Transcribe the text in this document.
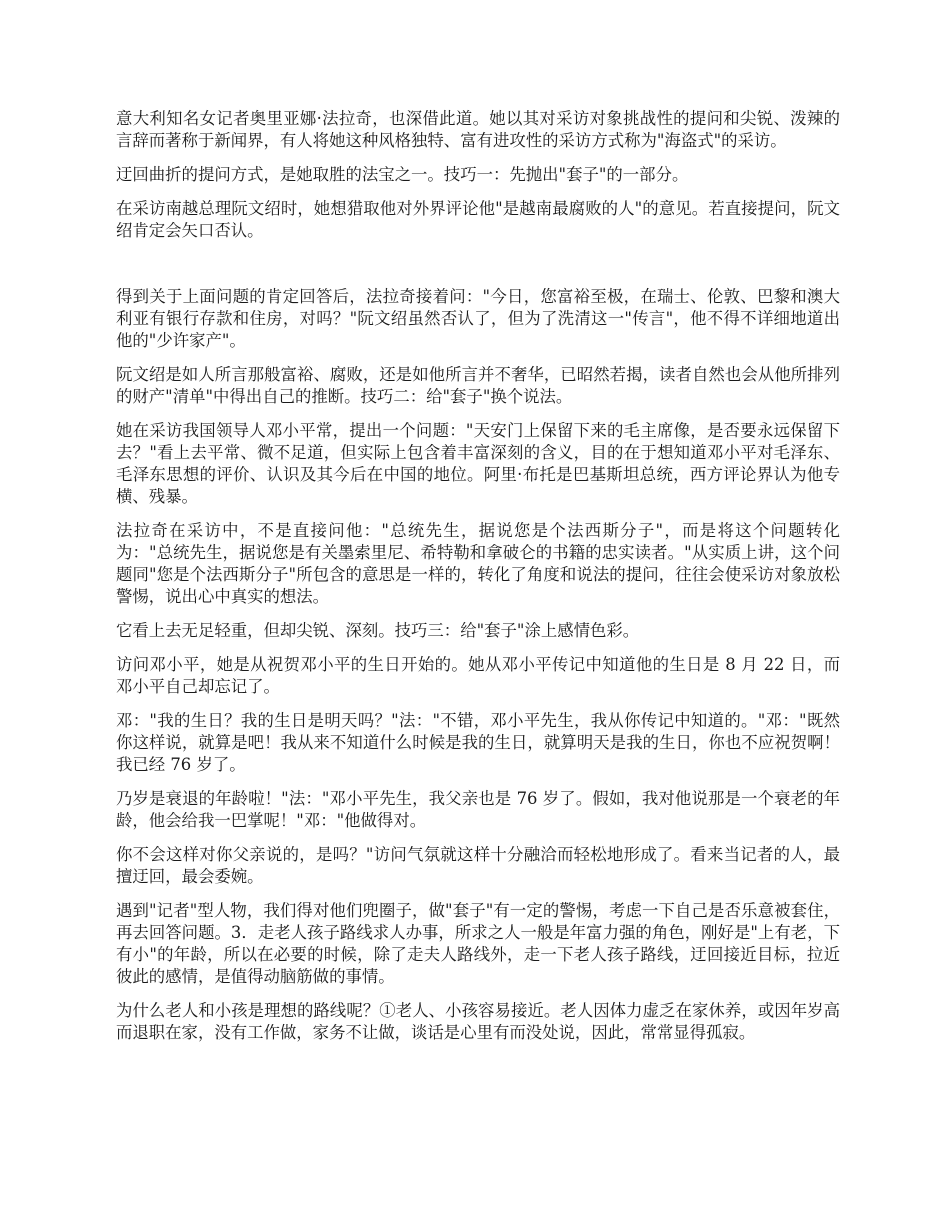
意大利知名女记者奥里亚娜·法拉奇，也深借此道。她以其对采访对象挑战性的提问和尖锐、泼辣的言辞而著称于新闻界，有人将她这种风格独特、富有进攻性的采访方式称为"海盗式"的采访。

迂回曲折的提问方式，是她取胜的法宝之一。技巧一：先抛出"套子"的一部分。

在采访南越总理阮文绍时，她想猎取他对外界评论他"是越南最腐败的人"的意见。若直接提问，阮文绍肯定会矢口否认。

得到关于上面问题的肯定回答后，法拉奇接着问："今日，您富裕至极，在瑞士、伦敦、巴黎和澳大利亚有银行存款和住房，对吗？"阮文绍虽然否认了，但为了洗清这一"传言"，他不得不详细地道出他的"少许家产"。

阮文绍是如人所言那般富裕、腐败，还是如他所言并不奢华，已昭然若揭，读者自然也会从他所排列的财产"清单"中得出自己的推断。技巧二：给"套子"换个说法。

她在采访我国领导人邓小平常，提出一个问题："天安门上保留下来的毛主席像，是否要永远保留下去？"看上去平常、微不足道，但实际上包含着丰富深刻的含义，目的在于想知道邓小平对毛泽东、毛泽东思想的评价、认识及其今后在中国的地位。阿里·布托是巴基斯坦总统，西方评论界认为他专横、残暴。

法拉奇在采访中，不是直接问他："总统先生，据说您是个法西斯分子"，而是将这个问题转化为："总统先生，据说您是有关墨索里尼、希特勒和拿破仑的书籍的忠实读者。"从实质上讲，这个问题同"您是个法西斯分子"所包含的意思是一样的，转化了角度和说法的提问，往往会使采访对象放松警惕，说出心中真实的想法。

它看上去无足轻重，但却尖锐、深刻。技巧三：给"套子"涂上感情色彩。

访问邓小平，她是从祝贺邓小平的生日开始的。她从邓小平传记中知道他的生日是 8 月 22 日，而邓小平自己却忘记了。

邓："我的生日？我的生日是明天吗？"法："不错，邓小平先生，我从你传记中知道的。"邓："既然你这样说，就算是吧！我从来不知道什么时候是我的生日，就算明天是我的生日，你也不应祝贺啊！我已经 76 岁了。

乃岁是衰退的年龄啦！"法："邓小平先生，我父亲也是 76 岁了。假如，我对他说那是一个衰老的年龄，他会给我一巴掌呢！"邓："他做得对。

你不会这样对你父亲说的，是吗？"访问气氛就这样十分融洽而轻松地形成了。看来当记者的人，最擅迂回，最会委婉。

遇到"记者"型人物，我们得对他们兜圈子，做"套子"有一定的警惕，考虑一下自己是否乐意被套住，再去回答问题。3．走老人孩子路线求人办事，所求之人一般是年富力强的角色，刚好是"上有老，下有小"的年龄，所以在必要的时候，除了走夫人路线外，走一下老人孩子路线，迂回接近目标，拉近彼此的感情，是值得动脑筋做的事情。

为什么老人和小孩是理想的路线呢？①老人、小孩容易接近。老人因体力虚乏在家休养，或因年岁高而退职在家，没有工作做，家务不让做，谈话是心里有而没处说，因此，常常显得孤寂。
